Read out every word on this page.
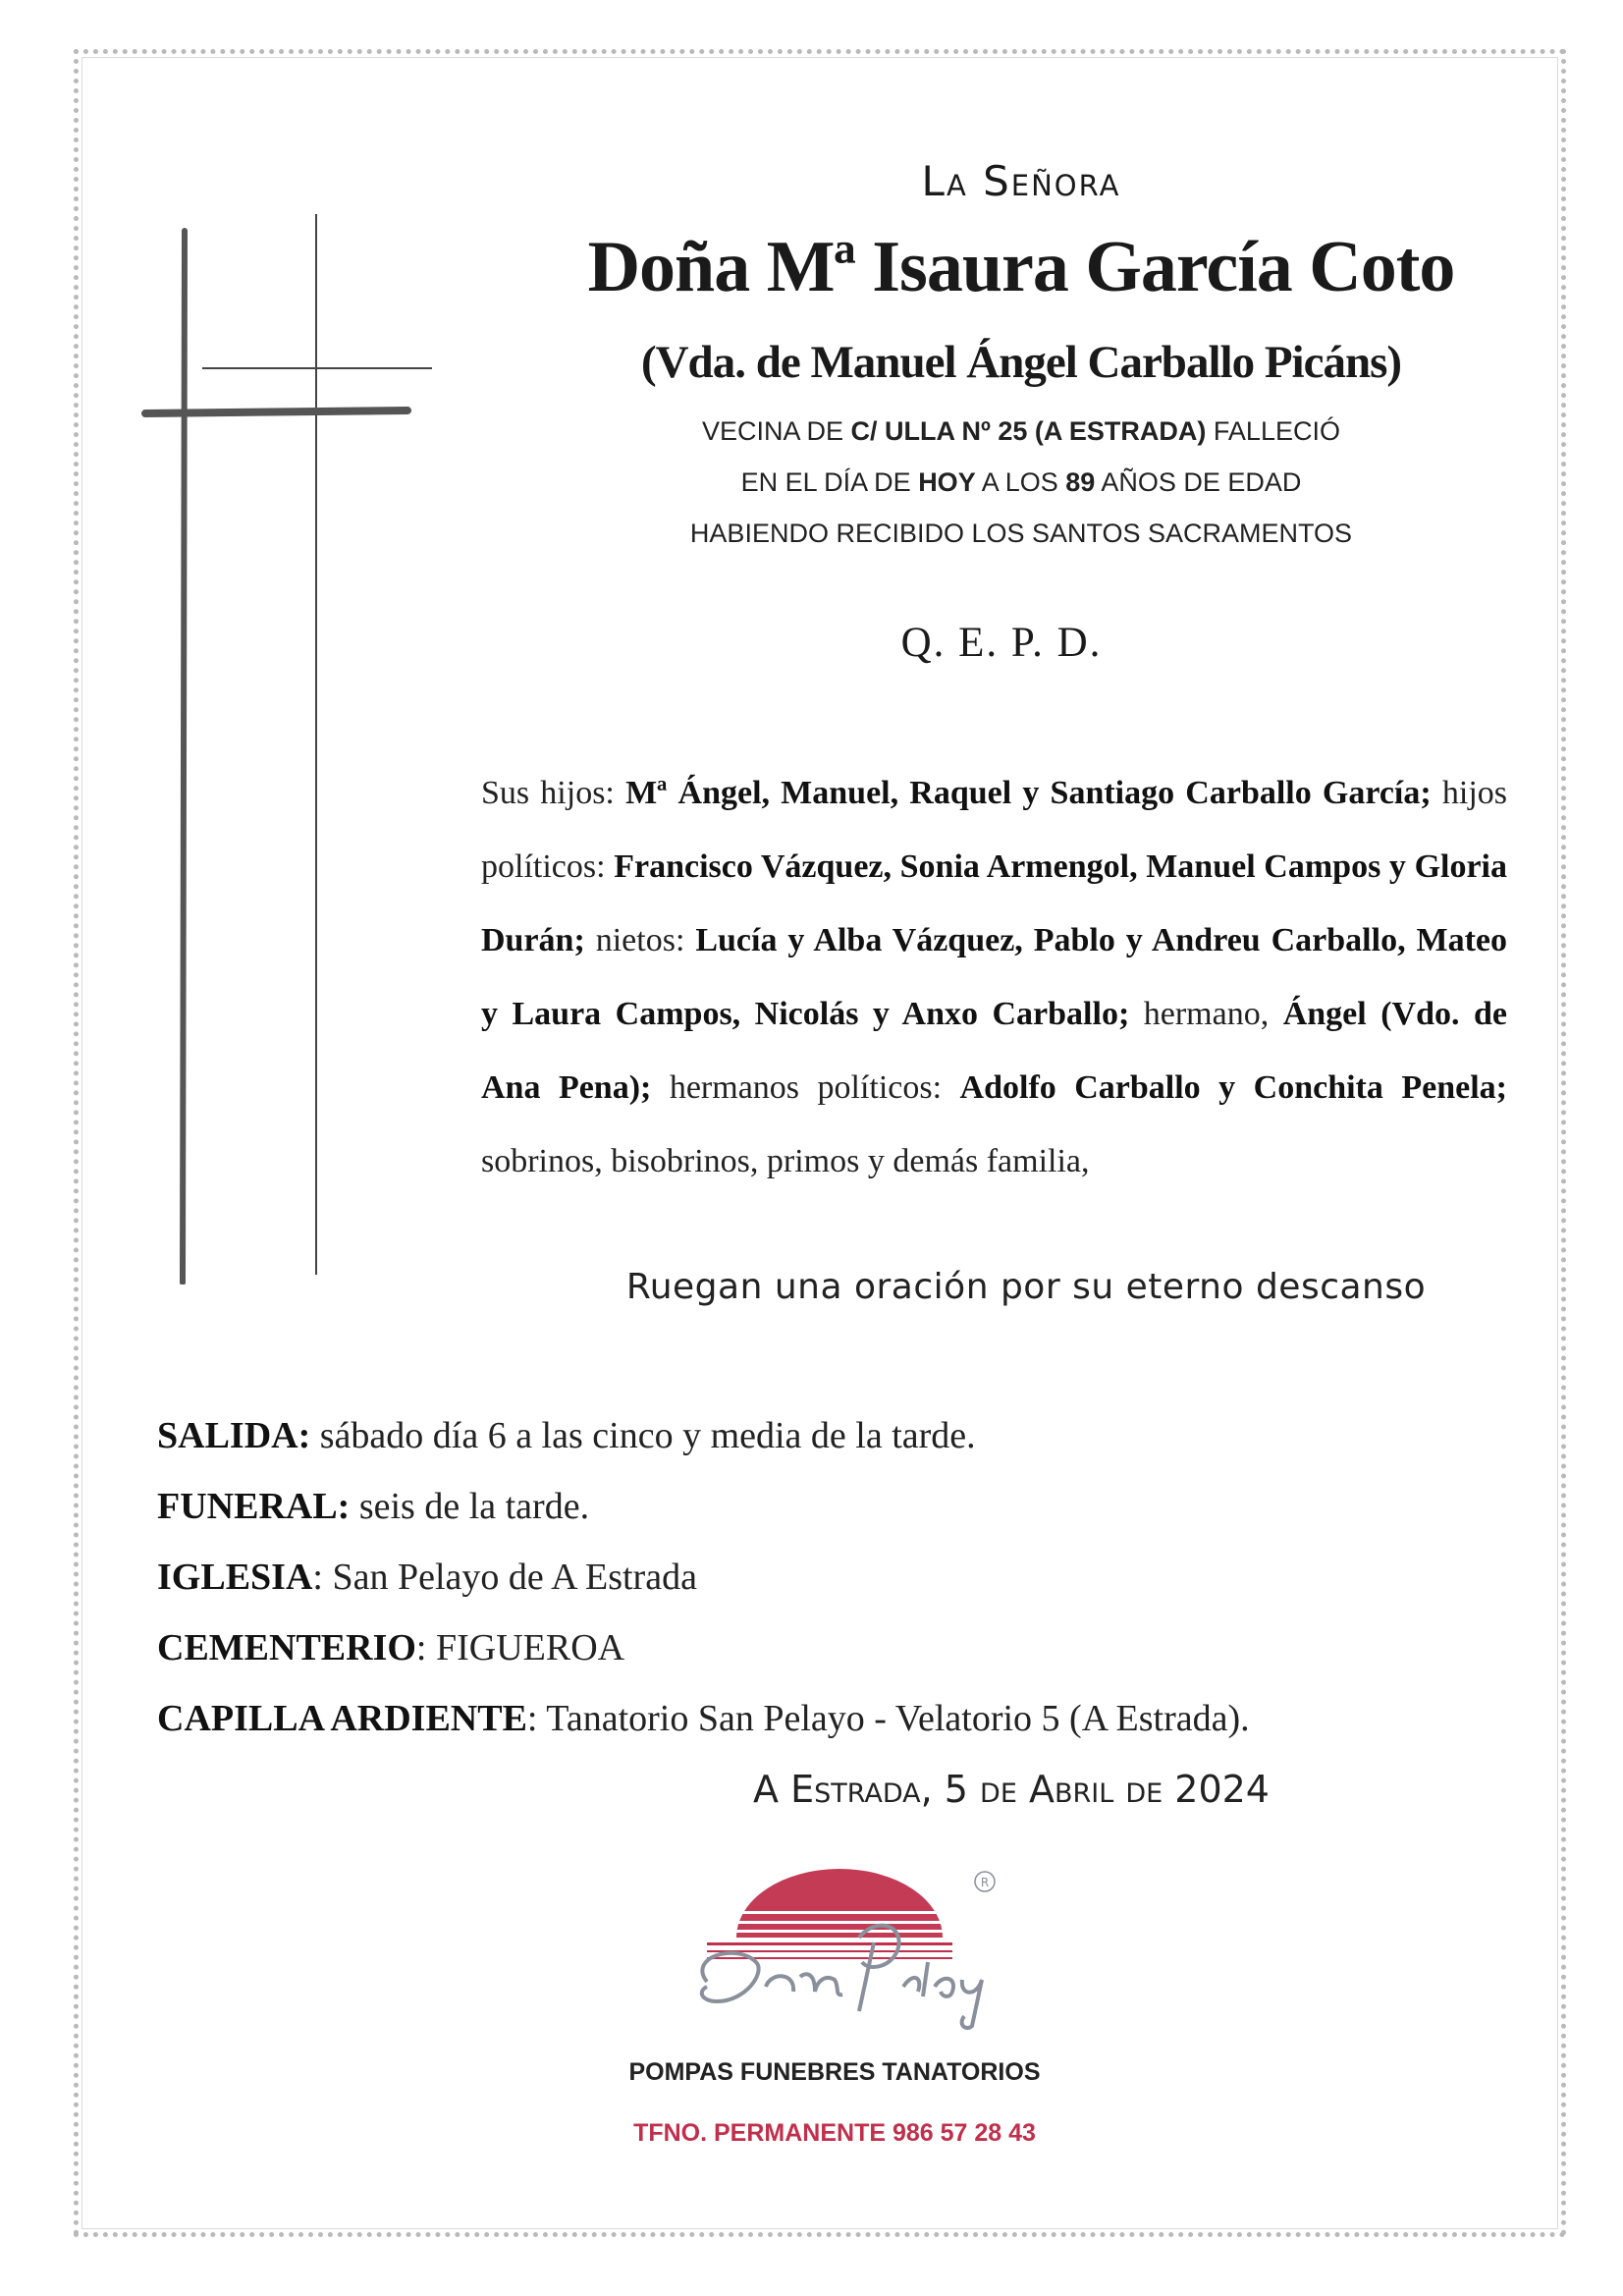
La Señora
Doña Mª Isaura García Coto
(Vda. de Manuel Ángel Carballo Picáns)
VECINA DE C/ ULLA Nº 25 (A ESTRADA) FALLECIÓ
EN EL DÍA DE HOY A LOS 89 AÑOS DE EDAD
HABIENDO RECIBIDO LOS SANTOS SACRAMENTOS
Q. E. P. D.
Sus hijos: Mª Ángel, Manuel, Raquel y Santiago Carballo García; hijos políticos: Francisco Vázquez, Sonia Armengol, Manuel Campos y Gloria Durán; nietos: Lucía y Alba Vázquez, Pablo y Andreu Carballo, Mateo y Laura Campos, Nicolás y Anxo Carballo; hermano, Ángel (Vdo. de Ana Pena); hermanos políticos: Adolfo Carballo y Conchita Penela; sobrinos, bisobrinos, primos y demás familia,
Ruegan una oración por su eterno descanso
SALIDA: sábado día 6 a las cinco y media de la tarde.
FUNERAL: seis de la tarde.
IGLESIA: San Pelayo de A Estrada
CEMENTERIO: FIGUEROA
CAPILLA ARDIENTE: Tanatorio San Pelayo - Velatorio 5 (A Estrada).
A Estrada, 5 de Abril de 2024
R
POMPAS FUNEBRES TANATORIOS
TFNO. PERMANENTE 986 57 28 43
